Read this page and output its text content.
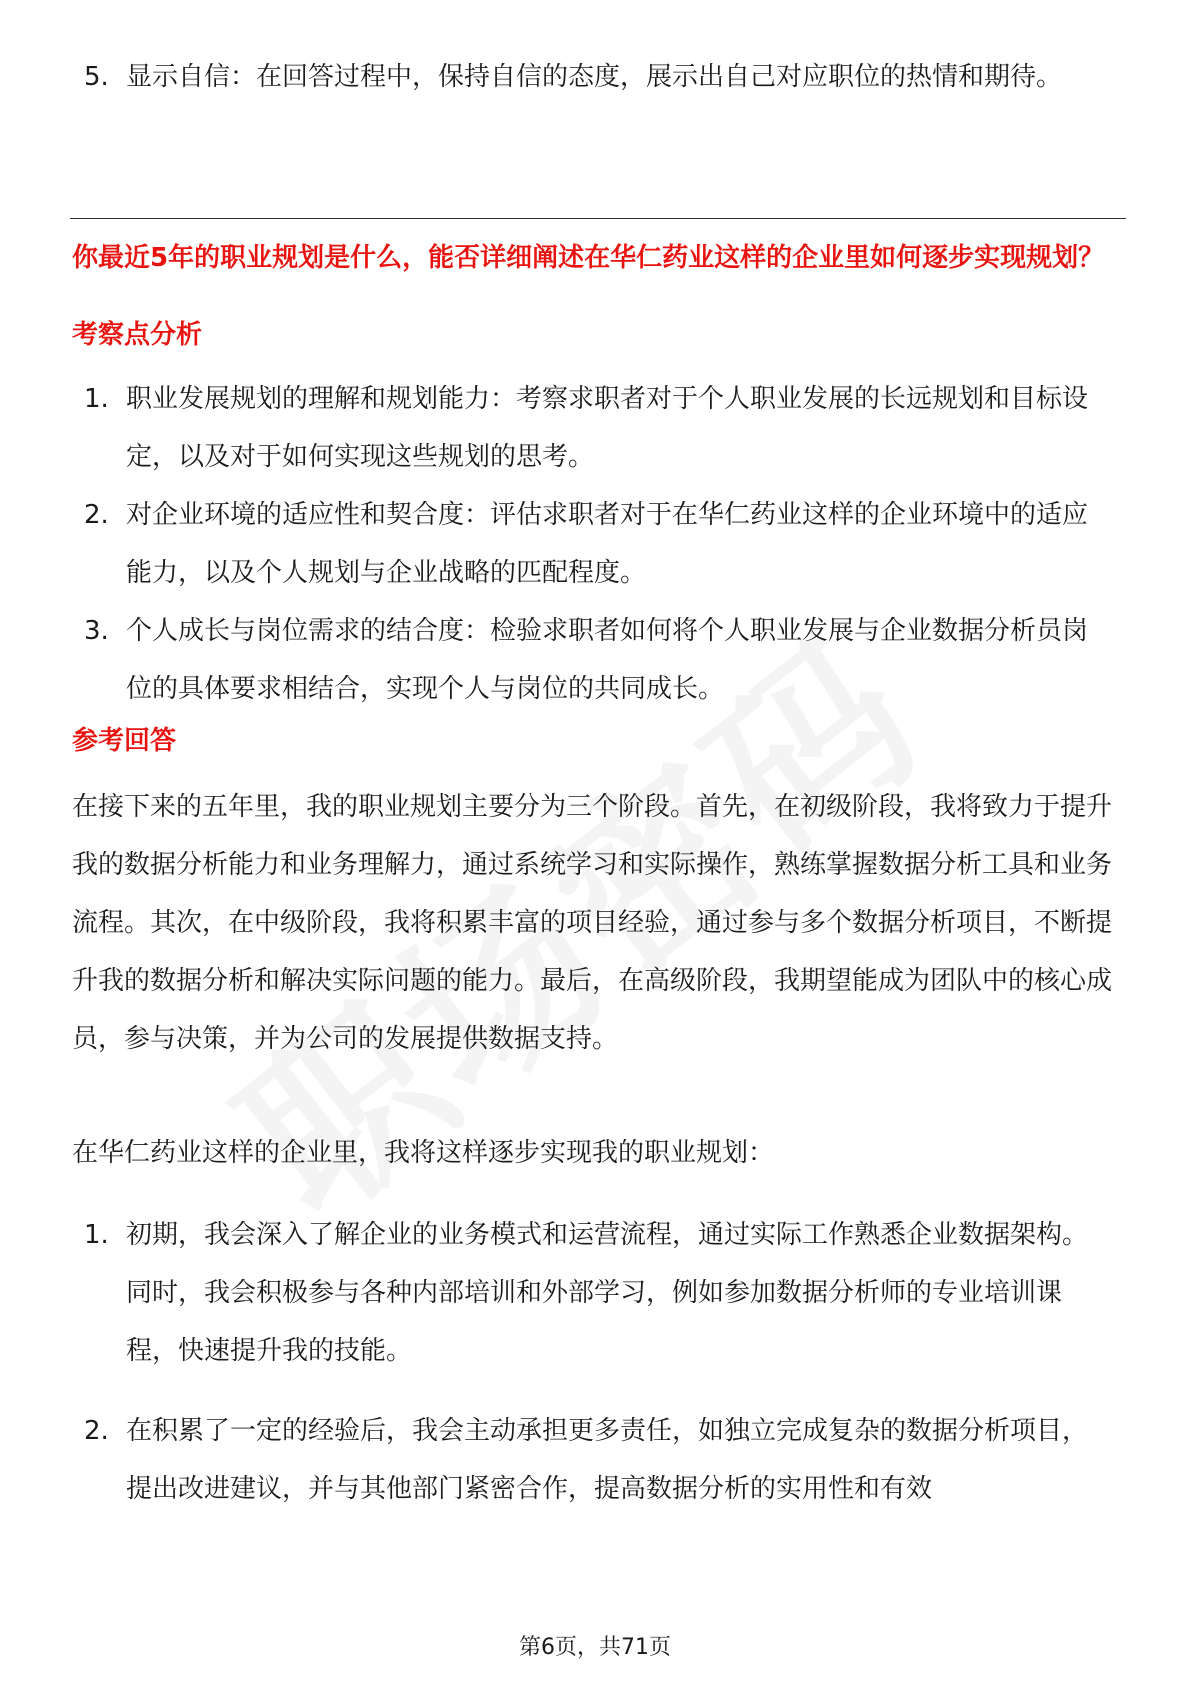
5. 显示自信：在回答过程中，保持自信的态度，展示出自己对应职位的热情和期待。
你最近5年的职业规划是什么，能否详细阐述在华仁药业这样的企业里如何逐步实现规划？
考察点分析
1. 职业发展规划的理解和规划能力：考察求职者对于个人职业发展的长远规划和目标设定，以及对于如何实现这些规划的思考。
2. 对企业环境的适应性和契合度：评估求职者对于在华仁药业这样的企业环境中的适应能力，以及个人规划与企业战略的匹配程度。
3. 个人成长与岗位需求的结合度：检验求职者如何将个人职业发展与企业数据分析员岗位的具体要求相结合，实现个人与岗位的共同成长。
参考回答

在接下来的五年里，我的职业规划主要分为三个阶段。首先，在初级阶段，我将致力于提升我的数据分析能力和业务理解力，通过系统学习和实际操作，熟练掌握数据分析工具和业务流程。其次，在中级阶段，我将积累丰富的项目经验，通过参与多个数据分析项目，不断提升我的数据分析和解决实际问题的能力。最后，在高级阶段，我期望能成为团队中的核心成员，参与决策，并为公司的发展提供数据支持。

在华仁药业这样的企业里，我将这样逐步实现我的职业规划：

1. 初期，我会深入了解企业的业务模式和运营流程，通过实际工作熟悉企业数据架构。同时，我会积极参与各种内部培训和外部学习，例如参加数据分析师的专业培训课程，快速提升我的技能。
2. 在积累了一定的经验后，我会主动承担更多责任，如独立完成复杂的数据分析项目，提出改进建议，并与其他部门紧密合作，提高数据分析的实用性和有效
第6页，共71页
